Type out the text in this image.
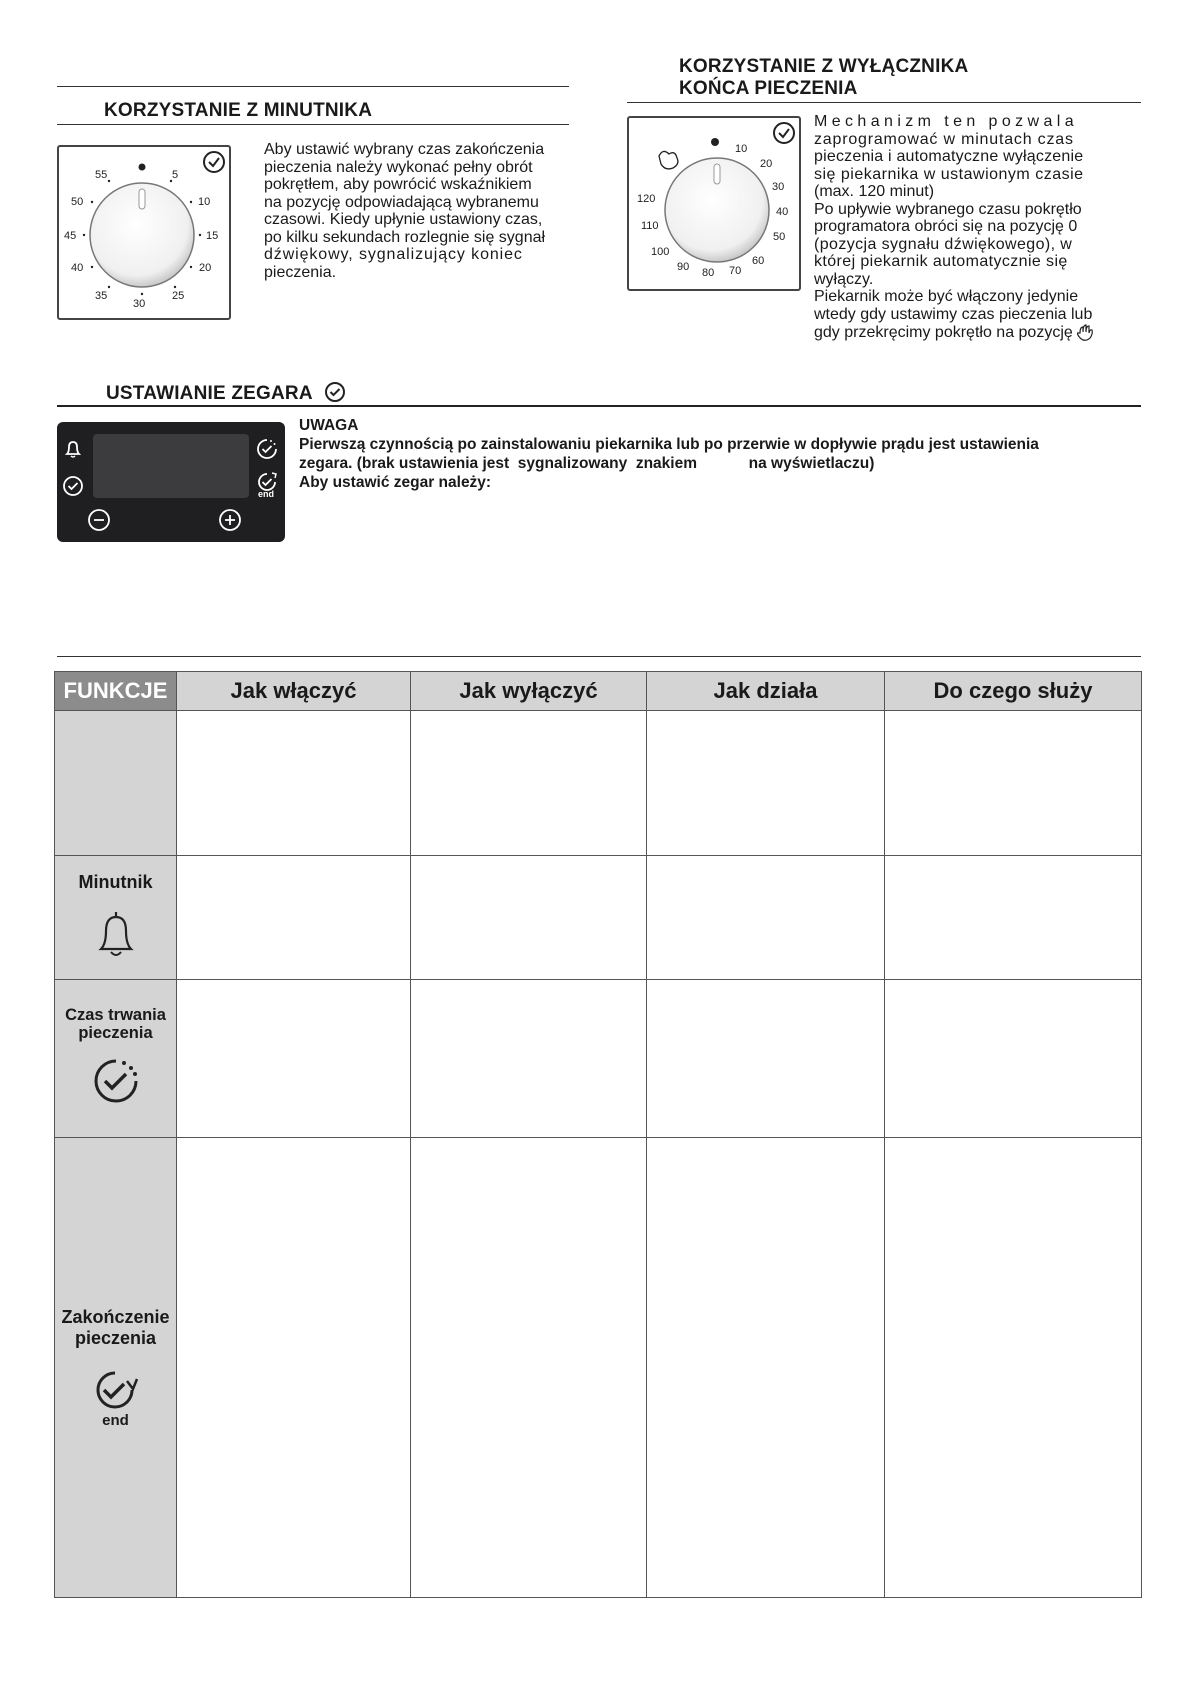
KORZYSTANIE Z MINUTNIKA
55	5
50	10
45	15
40	20
35
30
25
Aby ustawić wybrany czas zakończenia
pieczenia należy wykonać pełny obrót
pokrętłem, aby powrócić wskaźnikiem
na pozycję odpowiadającą wybranemu
czasowi. Kiedy upłynie ustawiony czas,
po kilku sekundach rozlegnie się sygnał
dźwiękowy, sygnalizujący koniec
pieczenia.
KORZYSTANIE Z WYŁĄCZNIKA
KOŃCA PIECZENIA
10
20
30
40
50
60
70
80
90
100
110
120
Mechanizm ten pozwala
zaprogramować w minutach czas
pieczenia i automatyczne wyłączenie
się piekarnika w ustawionym czasie
(max. 120 minut)
Po upływie wybranego czasu pokrętło
programatora obróci się na pozycję 0
(pozycja sygnału dźwiękowego), w
której piekarnik automatycznie się
wyłączy.
Piekarnik może być włączony jedynie
wtedy gdy ustawimy czas pieczenia lub
gdy przekręcimy pokrętło na pozycję
USTAWIANIE ZEGARA
end
UWAGA
Pierwszą czynnością po zainstalowaniu piekarnika lub po przerwie w dopływie prądu jest ustawienia
zegara. (brak ustawienia jest  sygnalizowany  znakiem            na wyświetlaczu)
Aby ustawić zegar należy:
FUNKCJE	Jak włączyć	Jak wyłączyć	Jak działa	Do czego służy

Minutnik				

Czas trwania
pieczenia				

Zakończenie
pieczenia
end				
